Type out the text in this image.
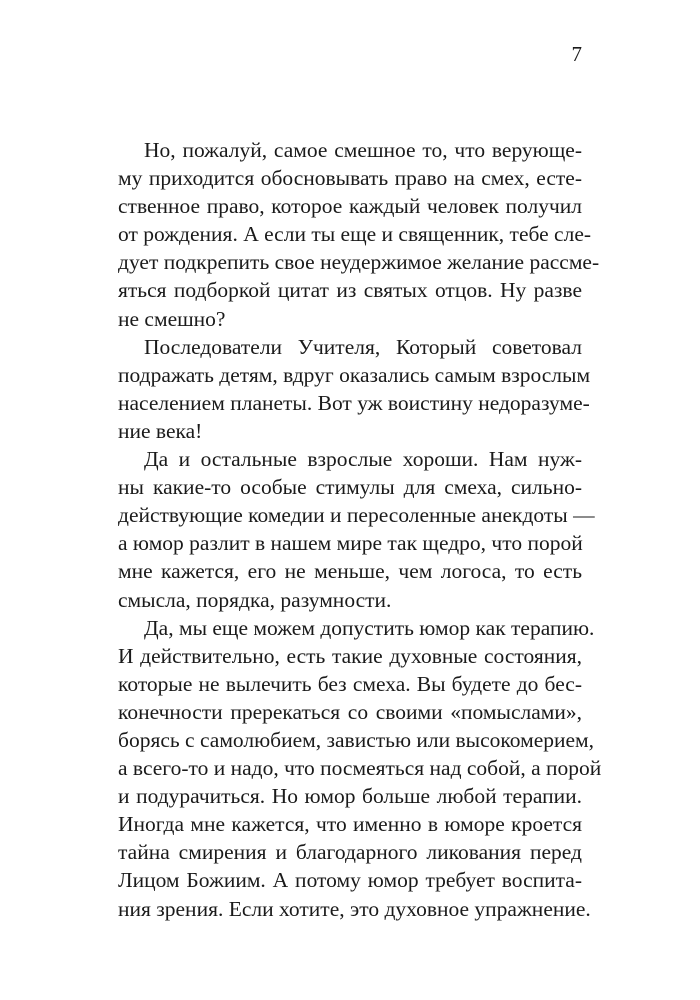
7
Но, пожалуй, самое смешное то, что верующе-
му приходится обосновывать право на смех, есте-
ственное право, которое каждый человек получил
от рождения. А если ты еще и священник, тебе сле-
дует подкрепить свое неудержимое желание рассме-
яться подборкой цитат из святых отцов. Ну разве
не смешно?
Последователи Учителя, Который советовал
подражать детям, вдруг оказались самым взрослым
населением планеты. Вот уж воистину недоразуме-
ние века!
Да и остальные взрослые хороши. Нам нуж-
ны какие-то особые стимулы для смеха, сильно-
действующие комедии и пересоленные анекдоты —
а юмор разлит в нашем мире так щедро, что порой
мне кажется, его не меньше, чем логоса, то есть
смысла, порядка, разумности.
Да, мы еще можем допустить юмор как терапию.
И действительно, есть такие духовные состояния,
которые не вылечить без смеха. Вы будете до бес-
конечности пререкаться со своими «помыслами»,
борясь с самолюбием, завистью или высокомерием,
а всего-то и надо, что посмеяться над собой, а порой
и подурачиться. Но юмор больше любой терапии.
Иногда мне кажется, что именно в юморе кроется
тайна смирения и благодарного ликования перед
Лицом Божиим. А потому юмор требует воспита-
ния зрения. Если хотите, это духовное упражнение.
